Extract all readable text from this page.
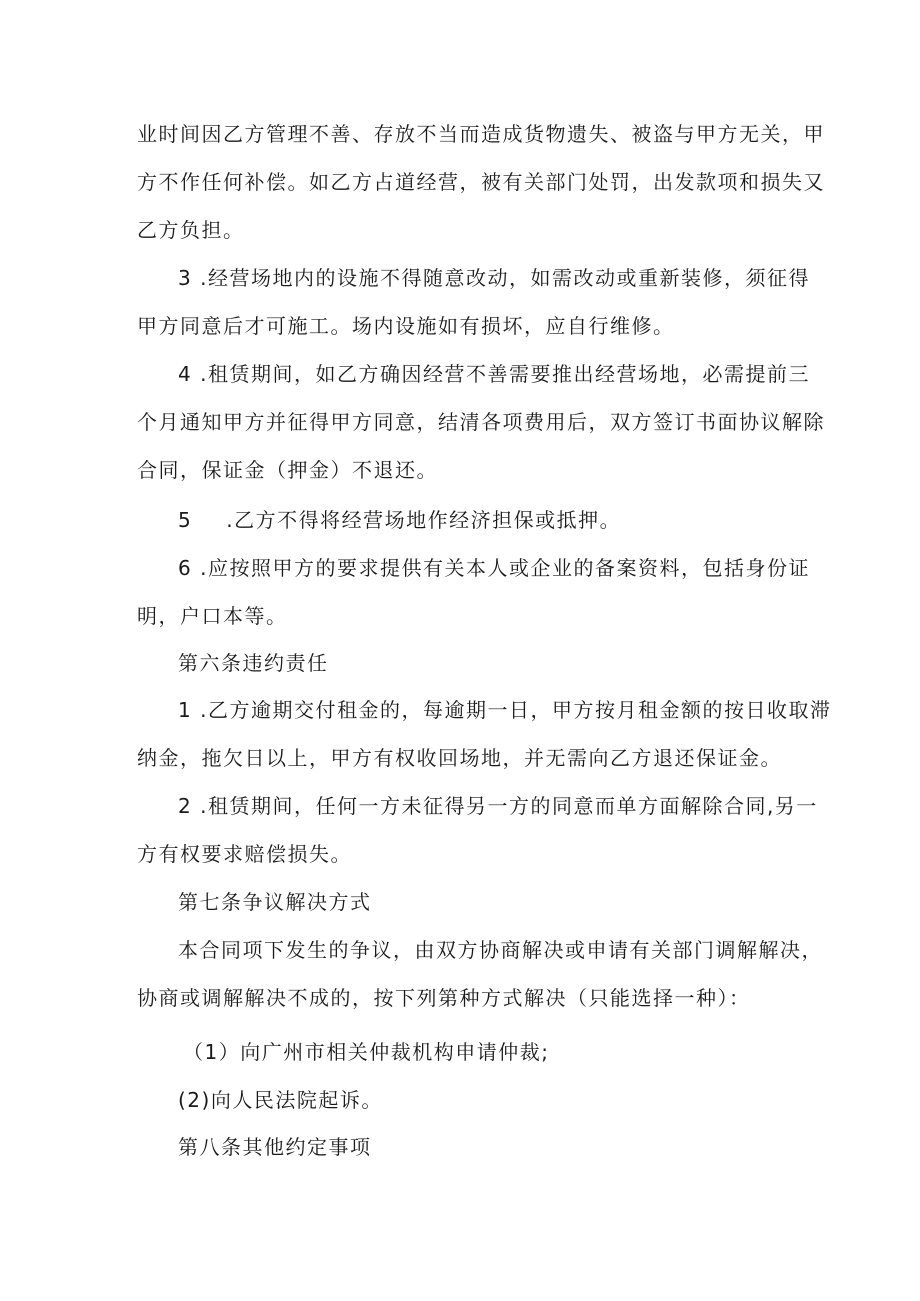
业时间因乙方管理不善、存放不当而造成货物遗失、被盗与甲方无关，甲
方不作任何补偿。如乙方占道经营，被有关部门处罚，出发款项和损失又
乙方负担。
3 .经营场地内的设施不得随意改动，如需改动或重新装修，须征得
甲方同意后才可施工。场内设施如有损坏，应自行维修。
4 .租赁期间，如乙方确因经营不善需要推出经营场地，必需提前三
个月通知甲方并征得甲方同意，结清各项费用后，双方签订书面协议解除
合同，保证金（押金）不退还。
5 .乙方不得将经营场地作经济担保或抵押。
6 .应按照甲方的要求提供有关本人或企业的备案资料，包括身份证
明，户口本等。
第六条违约责任
1 .乙方逾期交付租金的，每逾期一日，甲方按月租金额的按日收取滞
纳金，拖欠日以上，甲方有权收回场地，并无需向乙方退还保证金。
2 .租赁期间，任何一方未征得另一方的同意而单方面解除合同,另一
方有权要求赔偿损失。
第七条争议解决方式
本合同项下发生的争议，由双方协商解决或申请有关部门调解解决，
协商或调解解决不成的，按下列第种方式解决（只能选择一种）：
（1）向广州市相关仲裁机构申请仲裁;
(2)向人民法院起诉。
第八条其他约定事项
